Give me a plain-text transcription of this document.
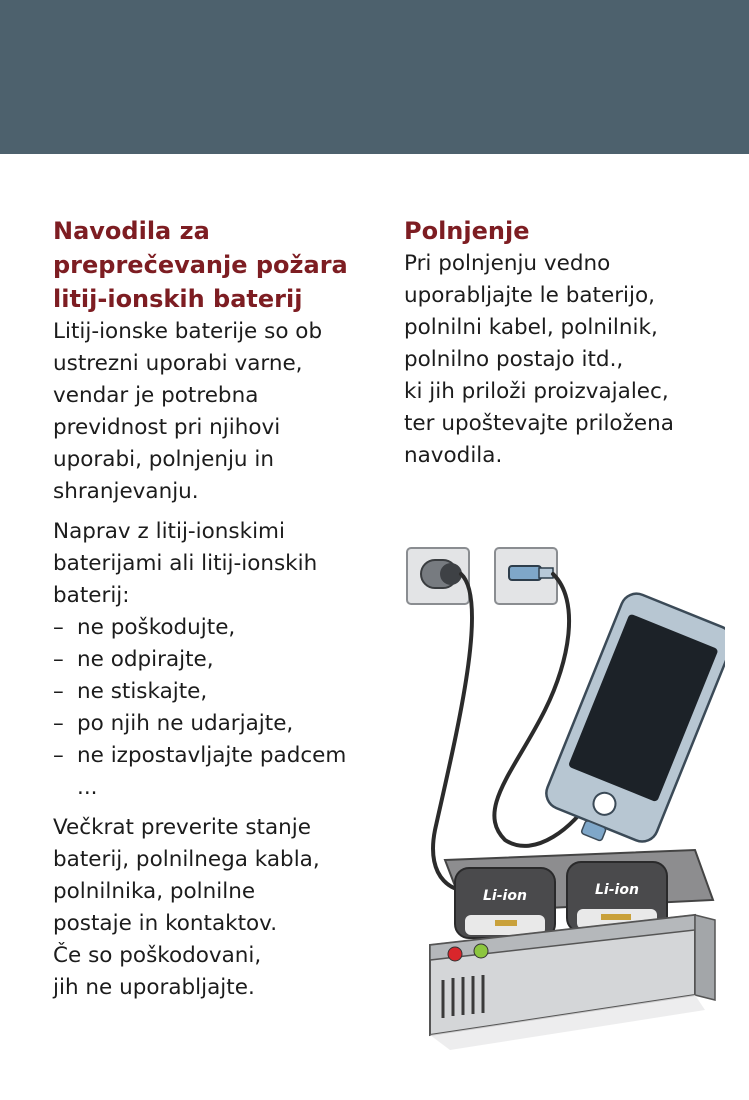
Navodila za
preprečevanje požara
litij-ionskih baterij

Litij-ionske baterije so ob
ustrezni uporabi varne,
vendar je potrebna
previdnost pri njihovi
uporabi, polnjenju in
shranjevanju.

Naprav z litij-ionskimi
baterijami ali litij-ionskih
baterij:

– ne poškodujte,
– ne odpirajte,
– ne stiskajte,
– po njih ne udarjajte,
– ne izpostavljajte padcem ...

Večkrat preverite stanje
baterij, polnilnega kabla,
polnilnika, polnilne
postaje in kontaktov.
Če so poškodovani,
jih ne uporabljajte.

Polnjenje

Pri polnjenju vedno
uporabljajte le baterijo,
polnilni kabel, polnilnik,
polnilno postajo itd.,
ki jih priloži proizvajalec,
ter upoštevajte priložena
navodila.

Li-ion	Li-ion
